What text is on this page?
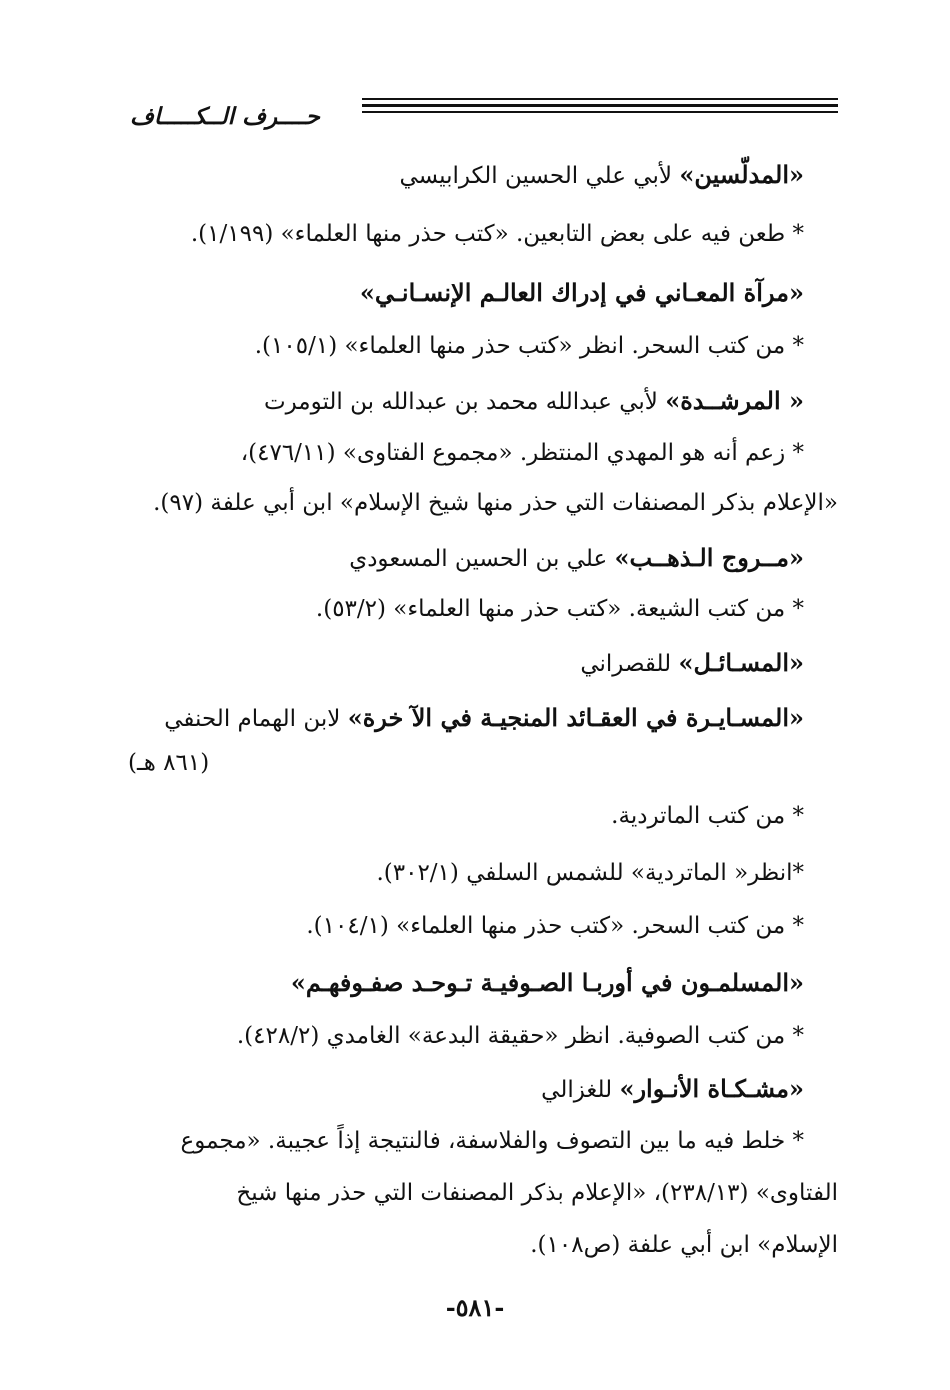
حــــرف الــكـــــاف
«المدلّسين» لأبي علي الحسين الكرابيسي
* طعن فيه على بعض التابعين. «كتب حذر منها العلماء» (١/١٩٩).
«مرآة المعـاني في إدراك العالـم الإنسـانـي»
* من كتب السحر. انظر «كتب حذر منها العلماء» (١٠٥/١).
« المرشــدة» لأبي عبدالله محمد بن عبدالله بن التومرت
* زعم أنه هو المهدي المنتظر. «مجموع الفتاوى» (٤٧٦/١١)،
«الإعلام بذكر المصنفات التي حذر منها شيخ الإسلام» ابن أبي علفة (٩٧).
«مــروج الـذهــب» علي بن الحسين المسعودي
* من كتب الشيعة. «كتب حذر منها العلماء» (٥٣/٢).
«المسـائـل» للقصراني
«المسـايـرة في العقـائد المنجيـة في الآ خرة» لابن الهمام الحنفي
(٨٦١ هـ)
* من كتب الماتردية.
*انظر« الماتردية» للشمس السلفي (٣٠٢/١).
* من كتب السحر. «كتب حذر منها العلماء» (١٠٤/١).
«المسلمـون في أوربـا الصـوفيـة تـوحـد صفـوفهـم»
* من كتب الصوفية. انظر «حقيقة البدعة» الغامدي (٤٢٨/٢).
«مشـكـاة الأنـوار» للغزالي
* خلط فيه ما بين التصوف والفلاسفة، فالنتيجة إذاً عجيبة. «مجموع
الفتاوى» (٢٣٨/١٣)، «الإعلام بذكر المصنفات التي حذر منها شيخ
الإسلام» ابن أبي علفة (ص١٠٨).
-٥٨١-
